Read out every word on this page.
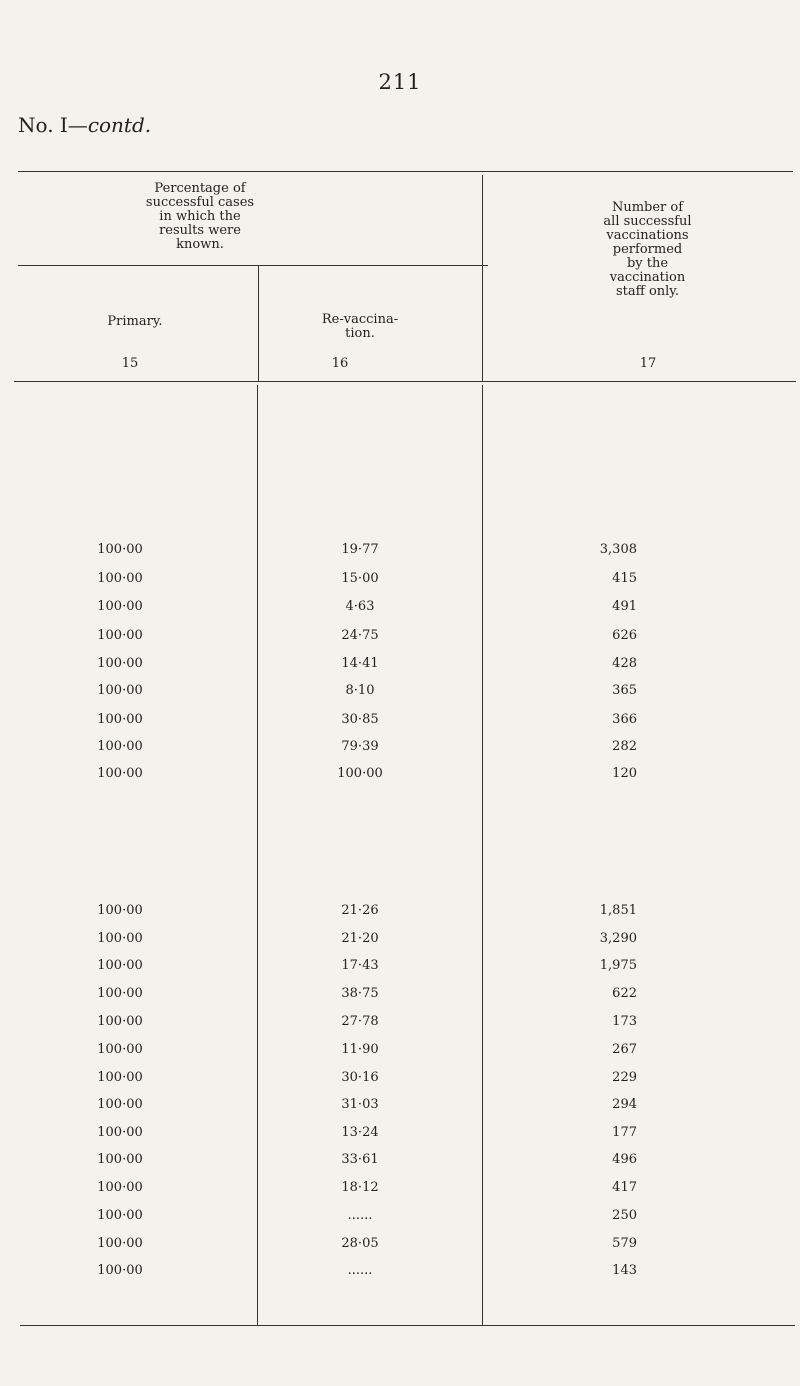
211
No. I—contd.
Percentage of
successful cases
in which the
results were
known.
Primary.	Re-vaccina-
tion.
Number of
all successful
vaccinations
performed
by the
vaccination
staff only.
15	16	17
100·00	19·77	3,308
100·00	15·00	415
100·00	4·63	491
100·00	24·75	626
100·00	14·41	428
100·00	8·10	365
100·00	30·85	366
100·00	79·39	282
100·00	100·00	120
100·00	21·26	1,851
100·00	21·20	3,290
100·00	17·43	1,975
100·00	38·75	622
100·00	27·78	173
100·00	11·90	267
100·00	30·16	229
100·00	31·03	294
100·00	13·24	177
100·00	33·61	496
100·00	18·12	417
100·00	......	250
100·00	28·05	579
100·00	......	143
